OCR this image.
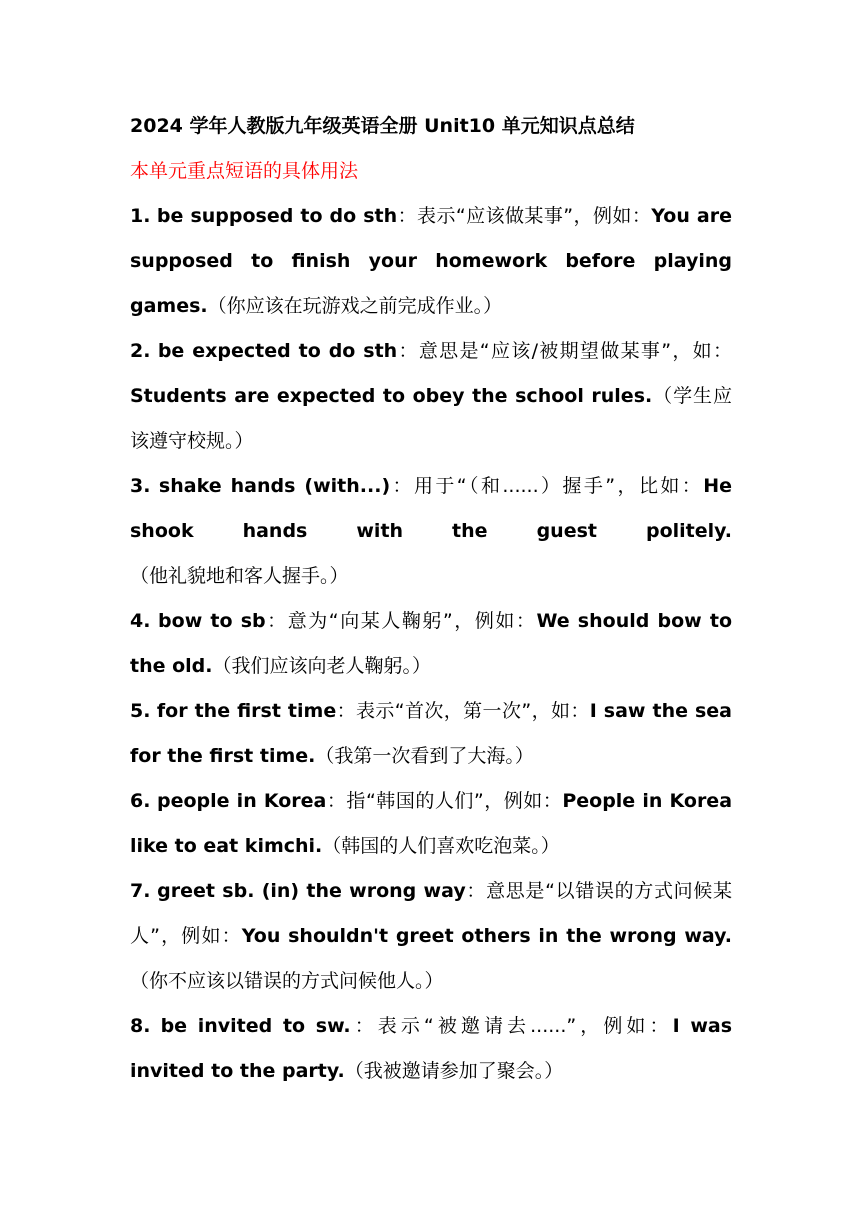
2024 学年人教版九年级英语全册 Unit10 单元知识点总结

本单元重点短语的具体用法

1. be supposed to do sth：表示“应该做某事”，例如：You are supposed to finish your homework before playing games.（你应该在玩游戏之前完成作业。）

2. be expected to do sth：意思是“应该/被期望做某事”，如：Students are expected to obey the school rules.（学生应该遵守校规。）

3. shake hands (with...)：用于“（和......）握手”，比如：He shook hands with the guest politely.（他礼貌地和客人握手。）

4. bow to sb：意为“向某人鞠躬”，例如：We should bow to the old.（我们应该向老人鞠躬。）

5. for the first time：表示“首次，第一次”，如：I saw the sea for the first time.（我第一次看到了大海。）

6. people in Korea：指“韩国的人们”，例如：People in Korea like to eat kimchi.（韩国的人们喜欢吃泡菜。）

7. greet sb. (in) the wrong way：意思是“以错误的方式问候某人”，例如：You shouldn't greet others in the wrong way.（你不应该以错误的方式问候他人。）

8. be invited to sw.：表示“被邀请去......”，例如：I was invited to the party.（我被邀请参加了聚会。）
